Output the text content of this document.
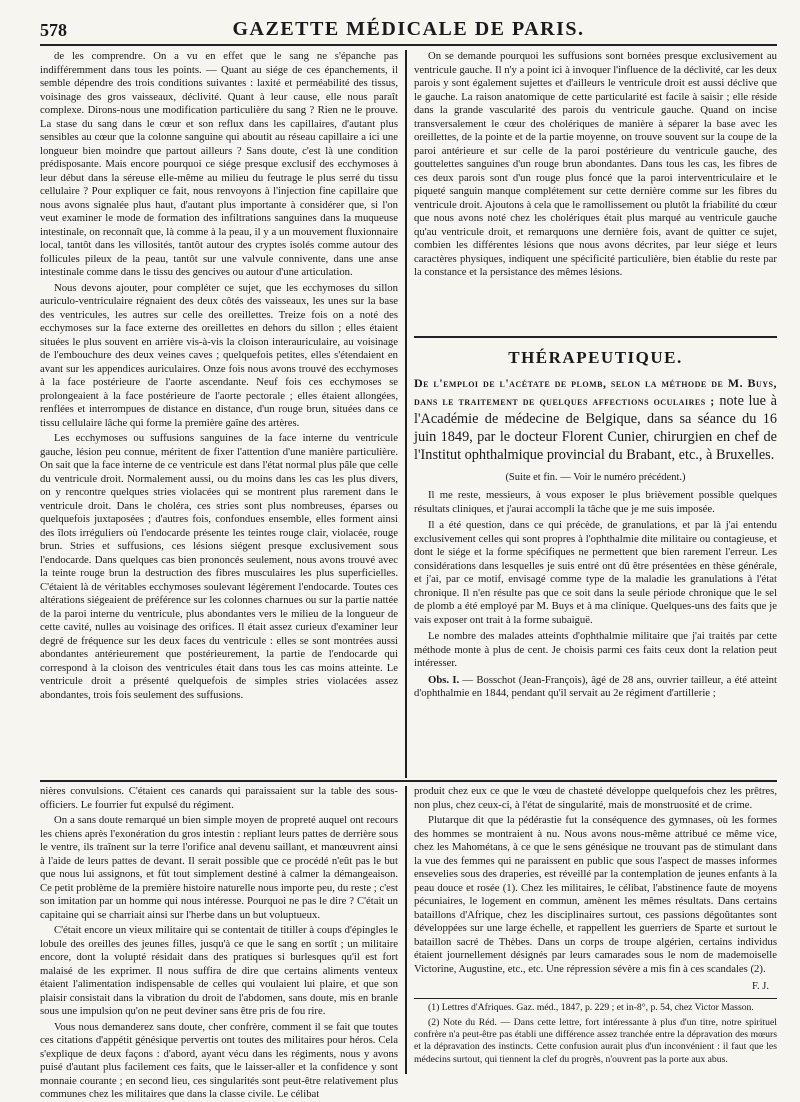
578	GAZETTE MÉDICALE DE PARIS.

de les comprendre. On a vu en effet que le sang ne s'épanche pas indifféremment dans tous les points. — Quant au siége de ces épanchements, il semble dépendre des trois conditions suivantes : laxité et perméabilité des tissus, voisinage des gros vaisseaux, déclivité. Quant à leur cause, elle nous paraît complexe. Dirons-nous une modification particulière du sang ? Rien ne le prouve. La stase du sang dans le cœur et son reflux dans les capillaires, d'autant plus sensibles au cœur que la colonne sanguine qui aboutit au réseau capillaire a ici une longueur bien moindre que partout ailleurs ? Sans doute, c'est là une condition prédisposante. Mais encore pourquoi ce siége presque exclusif des ecchymoses à leur début dans la séreuse elle-même au milieu du feutrage le plus serré du tissu cellulaire ? Pour expliquer ce fait, nous renvoyons à l'injection fine capillaire que nous avons signalée plus haut, d'autant plus importante à considérer que, si l'on veut examiner le mode de formation des infiltrations sanguines dans la muqueuse intestinale, on reconnaît que, là comme à la peau, il y a un mouvement fluxionnaire local, tantôt dans les villosités, tantôt autour des cryptes isolés comme autour des follicules pileux de la peau, tantôt sur une valvule conniventе, dans une anse intestinale comme dans le tissu des gencives ou autour d'une articulation.

Nous devons ajouter, pour compléter ce sujet, que les ecchymoses du sillon auriculo-ventriculaire régnaient des deux côtés des vaisseaux, les unes sur la base des ventricules, les autres sur celle des oreillettes. Treize fois on a noté des ecchymoses sur la face externe des oreillettes en dehors du sillon ; elles étaient situées le plus souvent en arrière vis-à-vis la cloison interauriculaire, au voisinage de l'embouchure des deux veines caves ; quelquefois petites, elles s'étendaient en avant sur les appendices auriculaires. Onze fois nous avons trouvé des ecchymoses à la face postérieure de l'aorte ascendante. Neuf fois ces ecchymoses se prolongeaient à la face postérieure de l'aorte pectorale ; elles étaient allongées, renflées et interrompues de distance en distance, d'un rouge brun, situées dans ce tissu cellulaire lâche qui forme la première gaîne des artères.

Les ecchymoses ou suffusions sanguines de la face interne du ventricule gauche, lésion peu connue, méritent de fixer l'attention d'une manière particulière. On sait que la face interne de ce ventricule est dans l'état normal plus pâle que celle du ventricule droit. Normalement aussi, ou du moins dans les cas les plus divers, on y rencontre quelques stries violacées qui se montrent plus rarement dans le ventricule droit. Dans le choléra, ces stries sont plus nombreuses, éparses ou quelquefois juxtaposées ; d'autres fois, confondues ensemble, elles forment ainsi des îlots irréguliers où l'endocarde présente les teintes rouge clair, violacée, rouge brun. Stries et suffusions, ces lésions siégent presque exclusivement sous l'endocarde. Dans quelques cas bien prononcés seulement, nous avons trouvé avec la teinte rouge brun la destruction des fibres musculaires les plus superficielles. C'étaient là de véritables ecchymoses soulevant légèrement l'endocarde. Toutes ces altérations siégeaient de préférence sur les colonnes charnues ou sur la partie nattée de la paroi interne du ventricule, plus abondantes vers le milieu de la longueur de cette cavité, nulles au voisinage des orifices. Il était assez curieux d'examiner leur degré de fréquence sur les deux faces du ventricule : elles se sont montrées aussi abondantes antérieurement que postérieurement, la partie de l'endocarde qui correspond à la cloison des ventricules était dans tous les cas moins atteinte. Le ventricule droit a présenté quelquefois de simples stries violacées assez abondantes, trois fois seulement des suffusions.

On se demande pourquoi les suffusions sont bornées presque exclusivement au ventricule gauche. Il n'y a point ici à invoquer l'influence de la déclivité, car les deux parois y sont également sujettes et d'ailleurs le ventricule droit est aussi déclive que le gauche. La raison anatomique de cette particularité est facile à saisir ; elle réside dans la grande vascularité des parois du ventricule gauche. Quand on incise transversalement le cœur des cholériques de manière à séparer la base avec les oreillettes, de la pointe et de la partie moyenne, on trouve souvent sur la coupe de la paroi antérieure et sur celle de la paroi postérieure du ventricule gauche, des gouttelettes sanguines d'un rouge brun abondantes. Dans tous les cas, les fibres de ces deux parois sont d'un rouge plus foncé que la paroi interventriculaire et le piqueté sanguin manque complétement sur cette dernière comme sur les fibres du ventricule droit. Ajoutons à cela que le ramollissement ou plutôt la friabilité du cœur que nous avons noté chez les cholériques était plus marqué au ventricule gauche qu'au ventricule droit, et remarquons une dernière fois, avant de quitter ce sujet, combien les différentes lésions que nous avons décrites, par leur siége et leurs caractères physiques, indiquent une spécificité particulière, bien établie du reste par la constance et la persistance des mêmes lésions.

THÉRAPEUTIQUE.

De l'emploi de l'acétate de plomb, selon la méthode de M. Buys, dans le traitement de quelques affections oculaires ; note lue à l'Académie de médecine de Belgique, dans sa séance du 16 juin 1849, par le docteur Florent Cunier, chirurgien en chef de l'Institut ophthalmique provincial du Brabant, etc., à Bruxelles.

(Suite et fin. — Voir le numéro précédent.)

Il me reste, messieurs, à vous exposer le plus brièvement possible quelques résultats cliniques, et j'aurai accompli la tâche que je me suis imposée.

Il a été question, dans ce qui précède, de granulations, et par là j'ai entendu exclusivement celles qui sont propres à l'ophthalmie dite militaire ou contagieuse, et dont le siége et la forme spécifiques ne permettent que bien rarement l'erreur. Les considérations dans lesquelles je suis entré ont dû être présentées en thèse générale, et j'ai, par ce motif, envisagé comme type de la maladie les granulations à l'état chronique. Il n'en résulte pas que ce soit dans la seule période chronique que le sel de plomb a été employé par M. Buys et à ma clinique. Quelques-uns des faits que je vais exposer ont trait à la forme subaiguë.

Le nombre des malades atteints d'ophthalmie militaire que j'ai traités par cette méthode monte à plus de cent. Je choisis parmi ces faits ceux dont la relation peut intéresser.

Obs. I. — Bosschot (Jean-François), âgé de 28 ans, ouvrier tailleur, a été atteint d'ophthalmie en 1844, pendant qu'il servait au 2e régiment d'artillerie ;

nières convulsions. C'étaient ces canards qui paraissaient sur la table des sous-officiers. Le fourrier fut expulsé du régiment.

On a sans doute remarqué un bien simple moyen de propreté auquel ont recours les chiens après l'exonération du gros intestin : repliant leurs pattes de derrière sous le ventre, ils traînent sur la terre l'orifice anal devenu saillant, et manœuvrent ainsi à l'aide de leurs pattes de devant. Il serait possible que ce procédé n'eût pas le but que nous lui assignons, et fût tout simplement destiné à calmer la démangeaison. Ce petit problème de la première histoire naturelle nous importe peu, du reste ; c'est son imitation par un homme qui nous intéresse. Pourquoi ne pas le dire ? C'était un capitaine qui se charriait ainsi sur l'herbe dans un but voluptueux.

C'était encore un vieux militaire qui se contentait de titiller à coups d'épingles le lobule des oreilles des jeunes filles, jusqu'à ce que le sang en sortît ; un militaire encore, dont la volupté résidait dans des pratiques si burlesques qu'il est fort malaisé de les exprimer. Il nous suffira de dire que certains aliments venteux étaient l'alimentation indispensable de celles qui voulaient lui plaire, et que son plaisir consistait dans la vibration du droit de l'abdomen, sans doute, mis en branle sous une impulsion qu'on ne peut deviner sans être pris de fou rire.

Vous nous demanderez sans doute, cher confrère, comment il se fait que toutes ces citations d'appétit génésique pervertis ont toutes des militaires pour héros. Cela s'explique de deux façons : d'abord, ayant vécu dans les régiments, nous y avons puisé d'autant plus facilement ces faits, que le laisser-aller et la confidence y sont monnaie courante ; en second lieu, ces singularités sont peut-être relativement plus communes chez les militaires que dans la classe civile. Le célibat

produit chez eux ce que le vœu de chasteté développe quelquefois chez les prêtres, non plus, chez ceux-ci, à l'état de singularité, mais de monstruosité et de crime.

Plutarque dit que la pédérastie fut la conséquence des gymnases, où les formes des hommes se montraient à nu. Nous avons nous-même attribué ce même vice, chez les Mahométans, à ce que le sens génésique ne trouvant pas de stimulant dans la vue des femmes qui ne paraissent en public que sous l'aspect de masses informes ensevelies sous des draperies, est réveillé par la contemplation de jeunes enfants à la peau douce et rosée (1). Chez les militaires, le célibat, l'abstinence faute de moyens pécuniaires, le logement en commun, amènent les mêmes résultats. Dans certains bataillons d'Afrique, chez les disciplinaires surtout, ces passions dégoûtantes sont développées sur une large échelle, et rappellent les guerriers de Sparte et surtout le bataillon sacré de Thèbes. Dans un corps de troupe algérien, certains individus étaient journellement désignés par leurs camarades sous le nom de mademoiselle Victorine, Augustine, etc., etc. Une répression sévère a mis fin à ces scandales (2).

F. J.

(1) Lettres d'Afriques. Gaz. méd., 1847, p. 229 ; et in-8°, p. 54, chez Victor Masson.

(2) Note du Réd. — Dans cette lettre, fort intéressante à plus d'un titre, notre spirituel confrère n'a peut-être pas établi une différence assez tranchée entre la dépravation des mœurs et la dépravation des instincts. Cette confusion aurait plus d'un inconvénient : il faut que les médecins surtout, qui tiennent la clef du progrès, n'ouvrent pas la porte aux abus.
